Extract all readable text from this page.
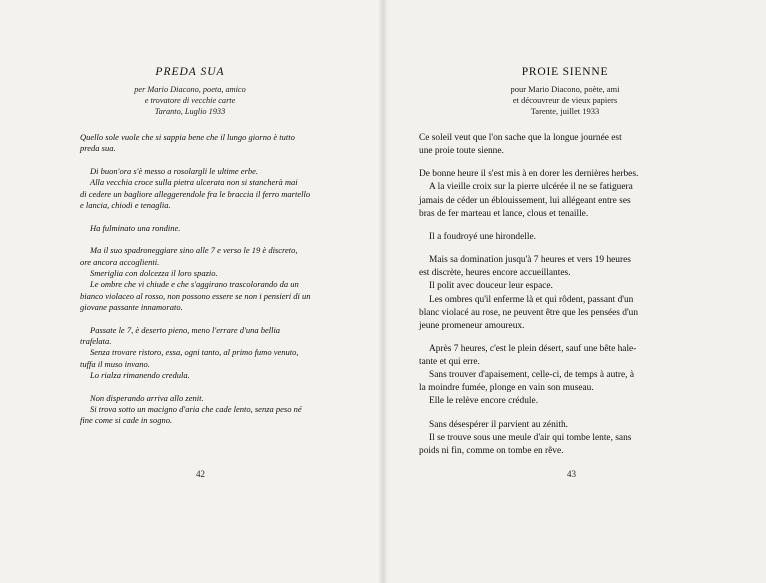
PREDA SUA
per Mario Diacono, poeta, amico
e trovatore di vecchie carte
Taranto, Luglio 1933
Quello sole vuole che si sappia bene che il lungo giorno è tutto
preda sua.
Di buon'ora s'è messo a rosolargli le ultime erbe.
Alla vecchia croce sulla pietra ulcerata non si stancherà mai
di cedere un bagliore alleggerendole fra le braccia il ferro martello
e lancia, chiodi e tenaglia.
Ha fulminato una rondine.
Ma il suo spadroneggiare sino alle 7 e verso le 19 è discreto,
ore ancora accoglienti.
Smeriglia con dolcezza il loro spazio.
Le ombre che vi chiude e che s'aggirano trascolorando da un
bianco violaceo al rosso, non possono essere se non i pensieri di un
giovane passante innamorato.
Passate le 7, è deserto pieno, meno l'errare d'una bellia
trafelata.
Senza trovare ristoro, essa, ogni tanto, al primo fumo venuto,
tuffa il muso invano.
Lo rialza rimanendo credula.
Non disperando arriva allo zenit.
Si trova sotto un macigno d'aria che cade lento, senza peso né
fine come si cade in sogno.
42
PROIE SIENNE
pour Mario Diacono, poète, ami
et découvreur de vieux papiers
Tarente, juillet 1933
Ce soleil veut que l'on sache que la longue journée est
une proie toute sienne.
De bonne heure il s'est mis à en dorer les dernières herbes.
A la vieille croix sur la pierre ulcérée il ne se fatiguera
jamais de céder un éblouissement, lui allégeant entre ses
bras de fer marteau et lance, clous et tenaille.
Il a foudroyé une hirondelle.
Mais sa domination jusqu'à 7 heures et vers 19 heures
est discrète, heures encore accueillantes.
Il polit avec douceur leur espace.
Les ombres qu'il enferme là et qui rôdent, passant d'un
blanc violacé au rose, ne peuvent être que les pensées d'un
jeune promeneur amoureux.
Après 7 heures, c'est le plein désert, sauf une bête hale-
tante et qui erre.
Sans trouver d'apaisement, celle-ci, de temps à autre, à
la moindre fumée, plonge en vain son museau.
Elle le relève encore crédule.
Sans désespérer il parvient au zénith.
Il se trouve sous une meule d'air qui tombe lente, sans
poids ni fin, comme on tombe en rêve.
43
